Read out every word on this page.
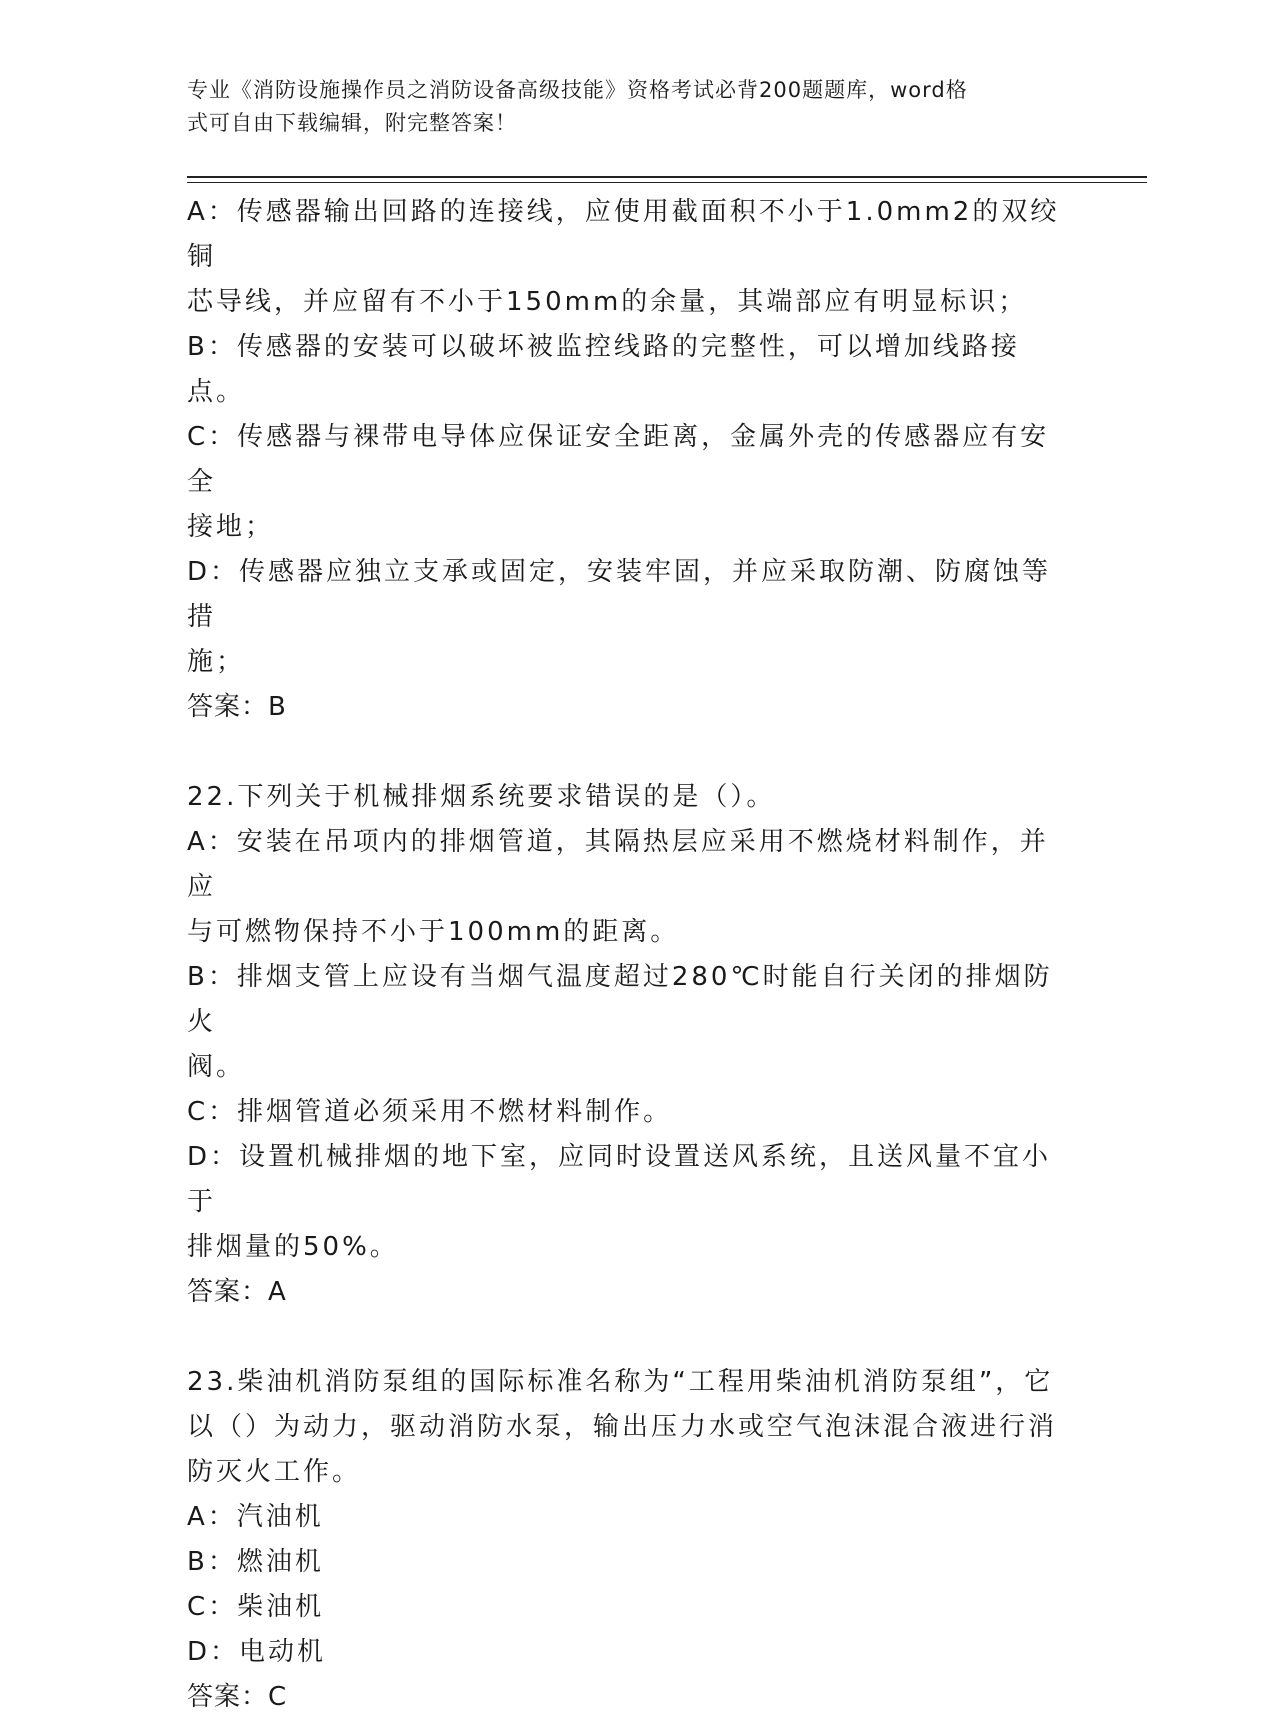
专业《消防设施操作员之消防设备高级技能》资格考试必背200题题库，word格
式可自由下载编辑，附完整答案！
A：传感器输出回路的连接线，应使用截面积不小于1.0mm2的双绞铜
芯导线，并应留有不小于150mm的余量，其端部应有明显标识；
B：传感器的安装可以破坏被监控线路的完整性，可以增加线路接点。
C：传感器与裸带电导体应保证安全距离，金属外壳的传感器应有安全
接地；
D：传感器应独立支承或固定，安装牢固，并应采取防潮、防腐蚀等措
施；
答案：B
22.下列关于机械排烟系统要求错误的是（）。
A：安装在吊项内的排烟管道，其隔热层应采用不燃烧材料制作，并应
与可燃物保持不小于100mm的距离。
B：排烟支管上应设有当烟气温度超过280℃时能自行关闭的排烟防火
阀。
C：排烟管道必须采用不燃材料制作。
D：设置机械排烟的地下室，应同时设置送风系统，且送风量不宜小于
排烟量的50%。
答案：A
23.柴油机消防泵组的国际标准名称为“工程用柴油机消防泵组”，它
以（）为动力，驱动消防水泵，输出压力水或空气泡沫混合液进行消
防灭火工作。
A：汽油机
B：燃油机
C：柴油机
D：电动机
答案：C
